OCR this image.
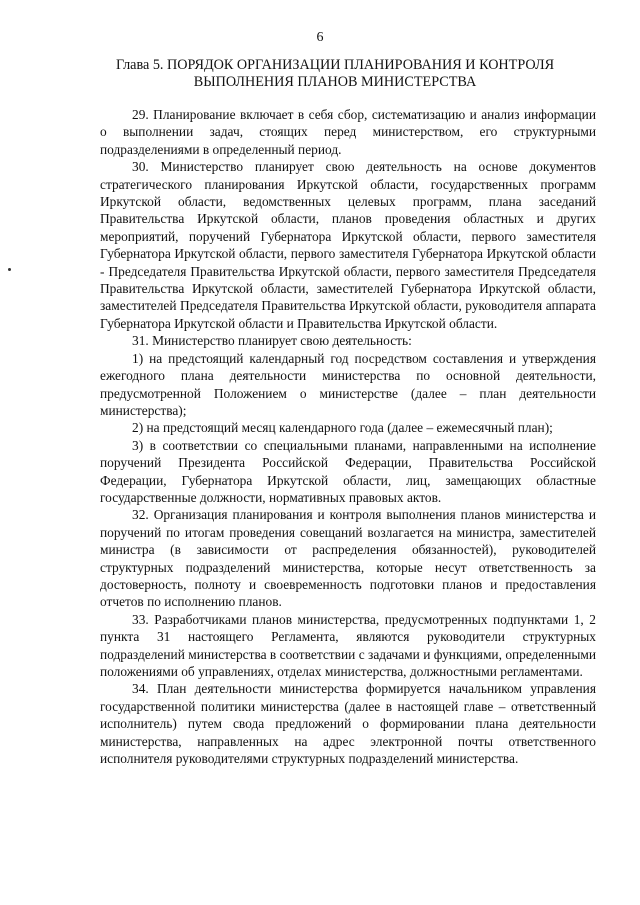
6
Глава 5. ПОРЯДОК ОРГАНИЗАЦИИ ПЛАНИРОВАНИЯ И КОНТРОЛЯ ВЫПОЛНЕНИЯ ПЛАНОВ МИНИСТЕРСТВА

29. Планирование включает в себя сбор, систематизацию и анализ информации о выполнении задач, стоящих перед министерством, его структурными подразделениями в определенный период.

30. Министерство планирует свою деятельность на основе документов стратегического планирования Иркутской области, государственных программ Иркутской области, ведомственных целевых программ, плана заседаний Правительства Иркутской области, планов проведения областных и других мероприятий, поручений Губернатора Иркутской области, первого заместителя Губернатора Иркутской области, первого заместителя Губернатора Иркутской области - Председателя Правительства Иркутской области, первого заместителя Председателя Правительства Иркутской области, заместителей Губернатора Иркутской области, заместителей Председателя Правительства Иркутской области, руководителя аппарата Губернатора Иркутской области и Правительства Иркутской области.

31. Министерство планирует свою деятельность:

1) на предстоящий календарный год посредством составления и утверждения ежегодного плана деятельности министерства по основной деятельности, предусмотренной Положением о министерстве (далее – план деятельности министерства);

2) на предстоящий месяц календарного года (далее – ежемесячный план);

3) в соответствии со специальными планами, направленными на исполнение поручений Президента Российской Федерации, Правительства Российской Федерации, Губернатора Иркутской области, лиц, замещающих областные государственные должности, нормативных правовых актов.

32. Организация планирования и контроля выполнения планов министерства и поручений по итогам проведения совещаний возлагается на министра, заместителей министра (в зависимости от распределения обязанностей), руководителей структурных подразделений министерства, которые несут ответственность за достоверность, полноту и своевременность подготовки планов и предоставления отчетов по исполнению планов.

33. Разработчиками планов министерства, предусмотренных подпунктами 1, 2 пункта 31 настоящего Регламента, являются руководители структурных подразделений министерства в соответствии с задачами и функциями, определенными положениями об управлениях, отделах министерства, должностными регламентами.

34. План деятельности министерства формируется начальником управления государственной политики министерства (далее в настоящей главе – ответственный исполнитель) путем свода предложений о формировании плана деятельности министерства, направленных на адрес электронной почты ответственного исполнителя руководителями структурных подразделений министерства.
